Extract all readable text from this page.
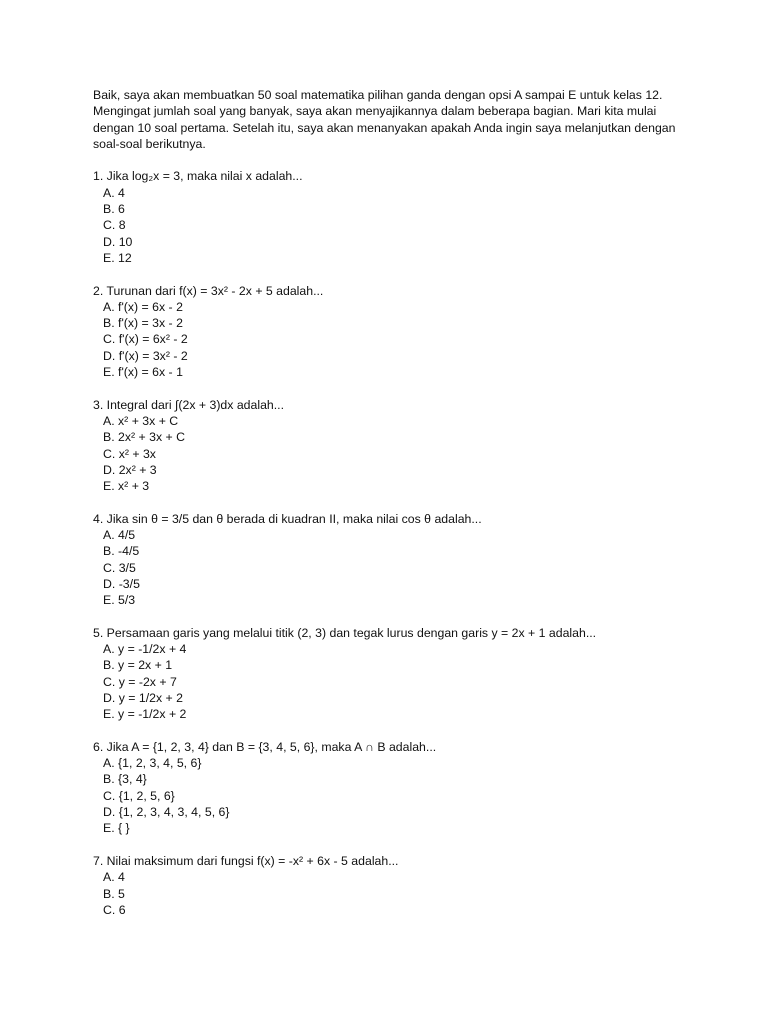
Baik, saya akan membuatkan 50 soal matematika pilihan ganda dengan opsi A sampai E untuk kelas 12. Mengingat jumlah soal yang banyak, saya akan menyajikannya dalam beberapa bagian. Mari kita mulai dengan 10 soal pertama. Setelah itu, saya akan menanyakan apakah Anda ingin saya melanjutkan dengan soal-soal berikutnya.

1. Jika log₂x = 3, maka nilai x adalah...

A. 4
B. 6
C. 8
D. 10
E. 12

2. Turunan dari f(x) = 3x² - 2x + 5 adalah...

A. f'(x) = 6x - 2
B. f'(x) = 3x - 2
C. f'(x) = 6x² - 2
D. f'(x) = 3x² - 2
E. f'(x) = 6x - 1

3. Integral dari ∫(2x + 3)dx adalah...

A. x² + 3x + C
B. 2x² + 3x + C
C. x² + 3x
D. 2x² + 3
E. x² + 3

4. Jika sin θ = 3/5 dan θ berada di kuadran II, maka nilai cos θ adalah...

A. 4/5
B. -4/5
C. 3/5
D. -3/5
E. 5/3

5. Persamaan garis yang melalui titik (2, 3) dan tegak lurus dengan garis y = 2x + 1 adalah...

A. y = -1/2x + 4
B. y = 2x + 1
C. y = -2x + 7
D. y = 1/2x + 2
E. y = -1/2x + 2

6. Jika A = {1, 2, 3, 4} dan B = {3, 4, 5, 6}, maka A ∩ B adalah...

A. {1, 2, 3, 4, 5, 6}
B. {3, 4}
C. {1, 2, 5, 6}
D. {1, 2, 3, 4, 3, 4, 5, 6}
E. { }

7. Nilai maksimum dari fungsi f(x) = -x² + 6x - 5 adalah...

A. 4
B. 5
C. 6
